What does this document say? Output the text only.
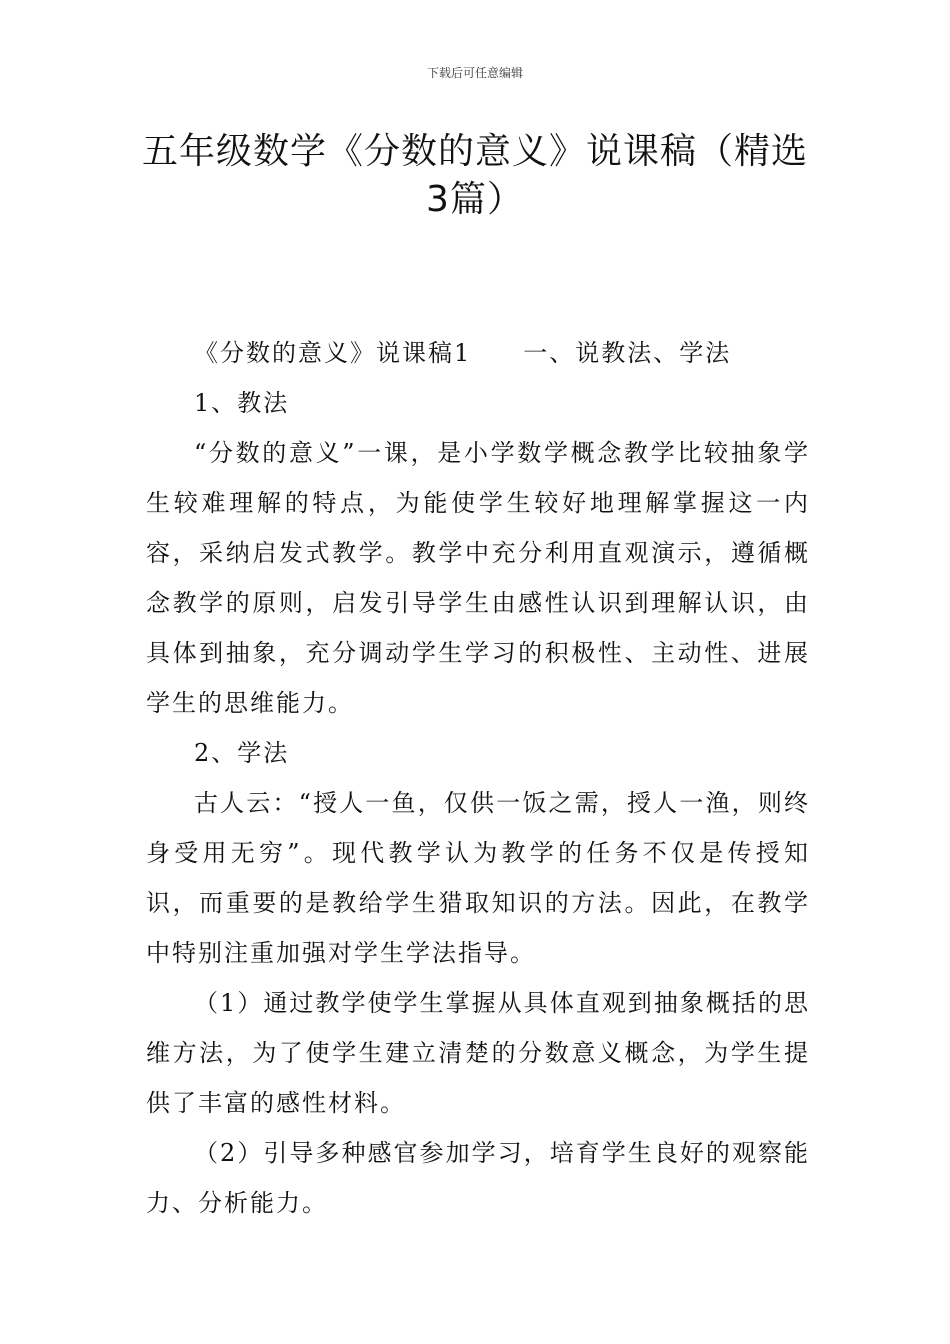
下载后可任意编辑
五年级数学《分数的意义》说课稿（精选3篇）

《分数的意义》说课稿1　　一、说教法、学法

1、教法

“分数的意义”一课，是小学数学概念教学比较抽象学生较难理解的特点，为能使学生较好地理解掌握这一内容，采纳启发式教学。教学中充分利用直观演示，遵循概念教学的原则，启发引导学生由感性认识到理解认识，由具体到抽象，充分调动学生学习的积极性、主动性、进展学生的思维能力。

2、学法

古人云：“授人一鱼，仅供一饭之需，授人一渔，则终身受用无穷”。现代教学认为教学的任务不仅是传授知识，而重要的是教给学生猎取知识的方法。因此，在教学中特别注重加强对学生学法指导。

（1）通过教学使学生掌握从具体直观到抽象概括的思维方法，为了使学生建立清楚的分数意义概念，为学生提供了丰富的感性材料。

（2）引导多种感官参加学习，培育学生良好的观察能力、分析能力。
